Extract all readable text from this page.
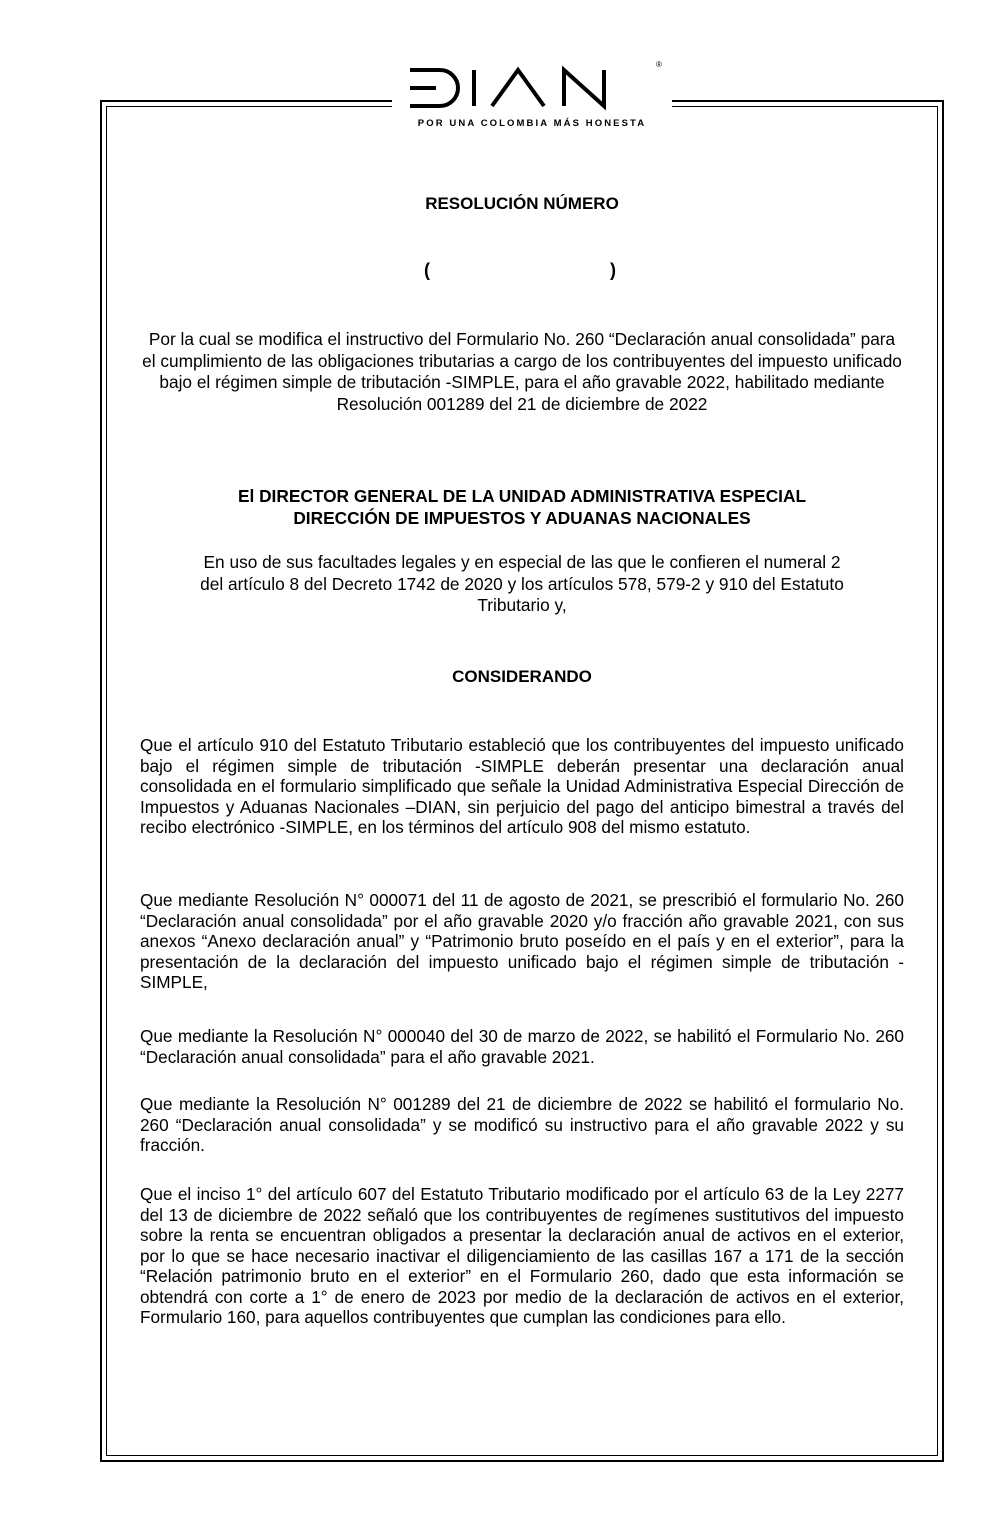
®
POR UNA COLOMBIA MÁS HONESTA
RESOLUCIÓN NÚMERO
(	)
Por la cual se modifica el instructivo del Formulario No. 260 “Declaración anual consolidada” para el cumplimiento de las obligaciones tributarias a cargo de los contribuyentes del impuesto unificado bajo el régimen simple de tributación -SIMPLE, para el año gravable 2022, habilitado mediante Resolución 001289 del 21 de diciembre de 2022
El DIRECTOR GENERAL DE LA UNIDAD ADMINISTRATIVA ESPECIAL
DIRECCIÓN DE IMPUESTOS Y ADUANAS NACIONALES
En uso de sus facultades legales y en especial de las que le confieren el numeral 2 del artículo 8 del Decreto 1742 de 2020 y los artículos 578, 579-2 y 910 del Estatuto Tributario y,
CONSIDERANDO
Que el artículo 910 del Estatuto Tributario estableció que los contribuyentes del impuesto unificado bajo el régimen simple de tributación -SIMPLE deberán presentar una declaración anual consolidada en el formulario simplificado que señale la Unidad Administrativa Especial Dirección de Impuestos y Aduanas Nacionales –DIAN, sin perjuicio del pago del anticipo bimestral a través del recibo electrónico -SIMPLE, en los términos del artículo 908 del mismo estatuto.
Que mediante Resolución N° 000071 del 11 de agosto de 2021, se prescribió el formulario No. 260 “Declaración anual consolidada” por el año gravable 2020 y/o fracción año gravable 2021, con sus anexos “Anexo declaración anual” y “Patrimonio bruto poseído en el país y en el exterior”, para la presentación de la declaración del impuesto unificado bajo el régimen simple de tributación -SIMPLE,
Que mediante la Resolución N° 000040 del 30 de marzo de 2022, se habilitó el Formulario No. 260 “Declaración anual consolidada” para el año gravable 2021.
Que mediante la Resolución N° 001289 del 21 de diciembre de 2022 se habilitó el formulario No. 260 “Declaración anual consolidada” y se modificó su instructivo para el año gravable 2022 y su fracción.
Que el inciso 1° del artículo 607 del Estatuto Tributario modificado por el artículo 63 de la Ley 2277 del 13 de diciembre de 2022 señaló que los contribuyentes de regímenes sustitutivos del impuesto sobre la renta se encuentran obligados a presentar la declaración anual de activos en el exterior, por lo que se hace necesario inactivar el diligenciamiento de las casillas 167 a 171 de la sección “Relación patrimonio bruto en el exterior” en el Formulario 260, dado que esta información se obtendrá con corte a 1° de enero de 2023 por medio de la declaración de activos en el exterior, Formulario 160, para aquellos contribuyentes que cumplan las condiciones para ello.
